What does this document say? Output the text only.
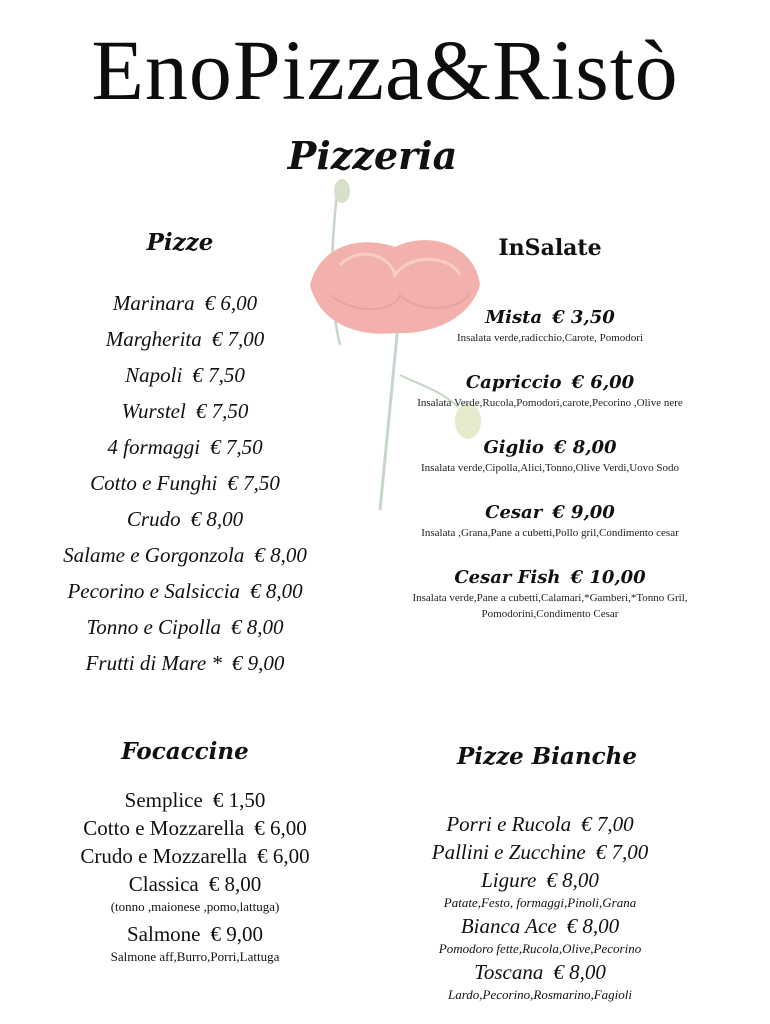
EnoPizza&Ristò
Pizzeria
Pizze
Marinara € 6,00
Margherita € 7,00
Napoli € 7,50
Wurstel € 7,50
4 formaggi € 7,50
Cotto e Funghi € 7,50
Crudo € 8,00
Salame e Gorgonzola € 8,00
Pecorino e Salsiccia € 8,00
Tonno e Cipolla € 8,00
Frutti di Mare * € 9,00
InSalate
Mista € 3,50
Insalata verde,radicchio,Carote, Pomodori
Capriccio € 6,00
Insalata Verde,Rucola,Pomodori,carote,Pecorino ,Olive nere
Giglio € 8,00
Insalata verde,Cipolla,Alici,Tonno,Olive Verdi,Uovo Sodo
Cesar € 9,00
Insalata ,Grana,Pane a cubetti,Pollo gril,Condimento cesar
Cesar Fish € 10,00
Insalata verde,Pane a cubetti,Calamari,*Gamberi,*Tonno Gril, Pomodorini,Condimento Cesar
Focaccine
Semplice € 1,50
Cotto e Mozzarella € 6,00
Crudo e Mozzarella € 6,00
Classica € 8,00
(tonno ,maionese ,pomo,lattuga)
Salmone € 9,00
Salmone aff,Burro,Porri,Lattuga
Pizze Bianche
Porri e Rucola € 7,00
Pallini e Zucchine € 7,00
Ligure € 8,00
Patate,Festo, formaggi,Pinoli,Grana
Bianca Ace € 8,00
Pomodoro fette,Rucola,Olive,Pecorino
Toscana € 8,00
Lardo,Pecorino,Rosmarino,Fagioli
